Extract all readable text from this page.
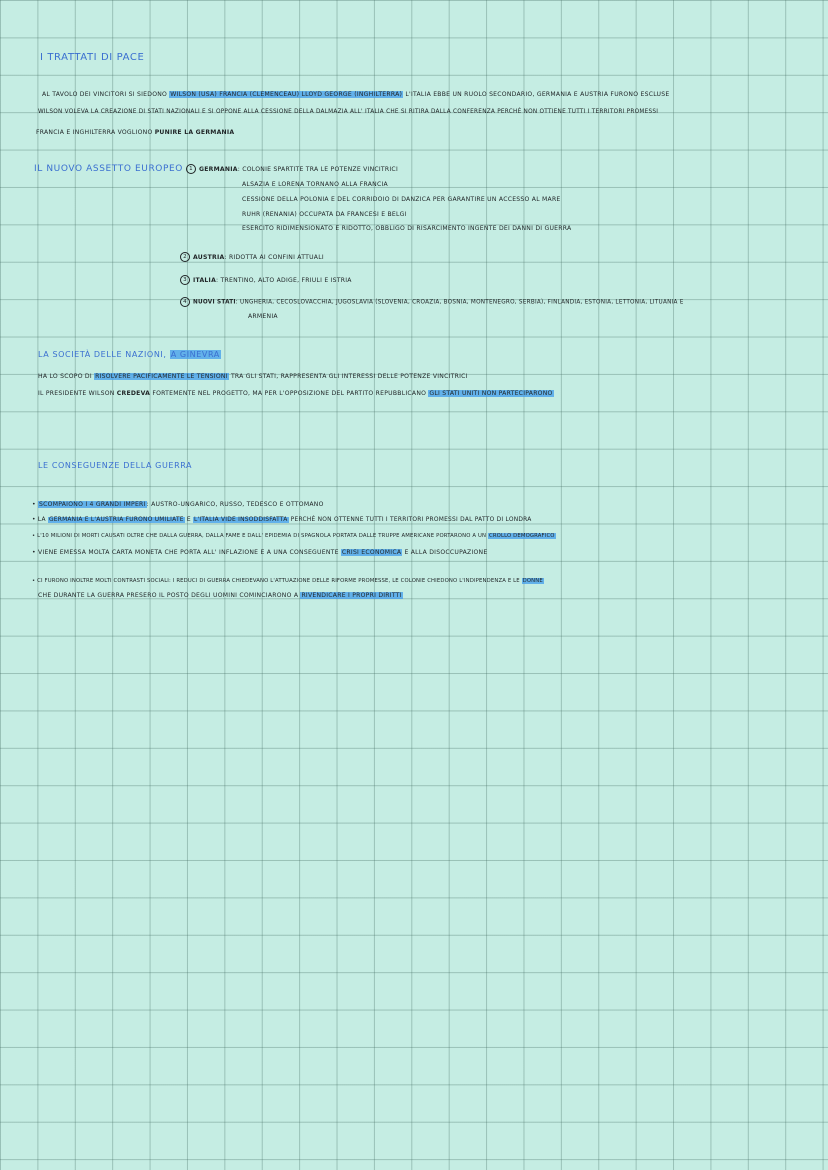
I TRATTATI DI PACE
AL TAVOLO DEI VINCITORI SI SIEDONO WILSON (USA) FRANCIA (CLEMENCEAU) LLOYD GEORGE (INGHILTERRA) L'ITALIA EBBE UN RUOLO SECONDARIO, GERMANIA E AUSTRIA FURONO ESCLUSE
WILSON VOLEVA LA CREAZIONE DI STATI NAZIONALI E SI OPPONE ALLA CESSIONE DELLA DALMAZIA ALL' ITALIA CHE SI RITIRA DALLA CONFERENZA PERCHÉ NON OTTIENE TUTTI I TERRITORI PROMESSI
FRANCIA E INGHILTERRA VOGLIONO PUNIRE LA GERMANIA
IL NUOVO ASSETTO EUROPEO	1 GERMANIA: COLONIE SPARTITE TRA LE POTENZE VINCITRICI
ALSAZIA E LORENA TORNANO ALLA FRANCIA
CESSIONE DELLA POLONIA E DEL CORRIDOIO DI DANZICA PER GARANTIRE UN ACCESSO AL MARE
RUHR (RENANIA) OCCUPATA DA FRANCESI E BELGI
ESERCITO RIDIMENSIONATO E RIDOTTO, OBBLIGO DI RISARCIMENTO INGENTE DEI DANNI DI GUERRA
2 AUSTRIA: RIDOTTA AI CONFINI ATTUALI
3 ITALIA: TRENTINO, ALTO ADIGE, FRIULI E ISTRIA
4 NUOVI STATI: UNGHERIA, CECOSLOVACCHIA, JUGOSLAVIA (SLOVENIA, CROAZIA, BOSNIA, MONTENEGRO, SERBIA), FINLANDIA, ESTONIA, LETTONIA, LITUANIA E
ARMENIA
LA SOCIETÀ DELLE NAZIONI, A GINEVRA
HA LO SCOPO DI RISOLVERE PACIFICAMENTE LE TENSIONI TRA GLI STATI, RAPPRESENTA GLI INTERESSI DELLE POTENZE VINCITRICI
IL PRESIDENTE WILSON CREDEVA FORTEMENTE NEL PROGETTO, MA PER L'OPPOSIZIONE DEL PARTITO REPUBBLICANO GLI STATI UNITI NON PARTECIPARONO
LE CONSEGUENZE DELLA GUERRA
• SCOMPAIONO I 4 GRANDI IMPERI: AUSTRO-UNGARICO, RUSSO, TEDESCO E OTTOMANO
• LA GERMANIA E L'AUSTRIA FURONO UMILIATE E L'ITALIA VIDE INSODDISFATTA PERCHÉ NON OTTENNE TUTTI I TERRITORI PROMESSI DAL PATTO DI LONDRA
• L'10 MILIONI DI MORTI CAUSATI OLTRE CHE DALLA GUERRA, DALLA FAME E DALL' EPIDEMIA DI SPAGNOLA PORTATA DALLE TRUPPE AMERICANE PORTARONO A UN CROLLO DEMOGRAFICO
• VIENE EMESSA MOLTA CARTA MONETA CHE PORTA ALL' INFLAZIONE E A UNA CONSEGUENTE CRISI ECONOMICA E ALLA DISOCCUPAZIONE
• CI FURONO INOLTRE MOLTI CONTRASTI SOCIALI: I REDUCI DI GUERRA CHIEDEVANO L'ATTUAZIONE DELLE RIFORME PROMESSE, LE COLONIE CHIEDONO L'INDIPENDENZA E LE DONNE
CHE DURANTE LA GUERRA PRESERO IL POSTO DEGLI UOMINI COMINCIARONO A RIVENDICARE I PROPRI DIRITTI
